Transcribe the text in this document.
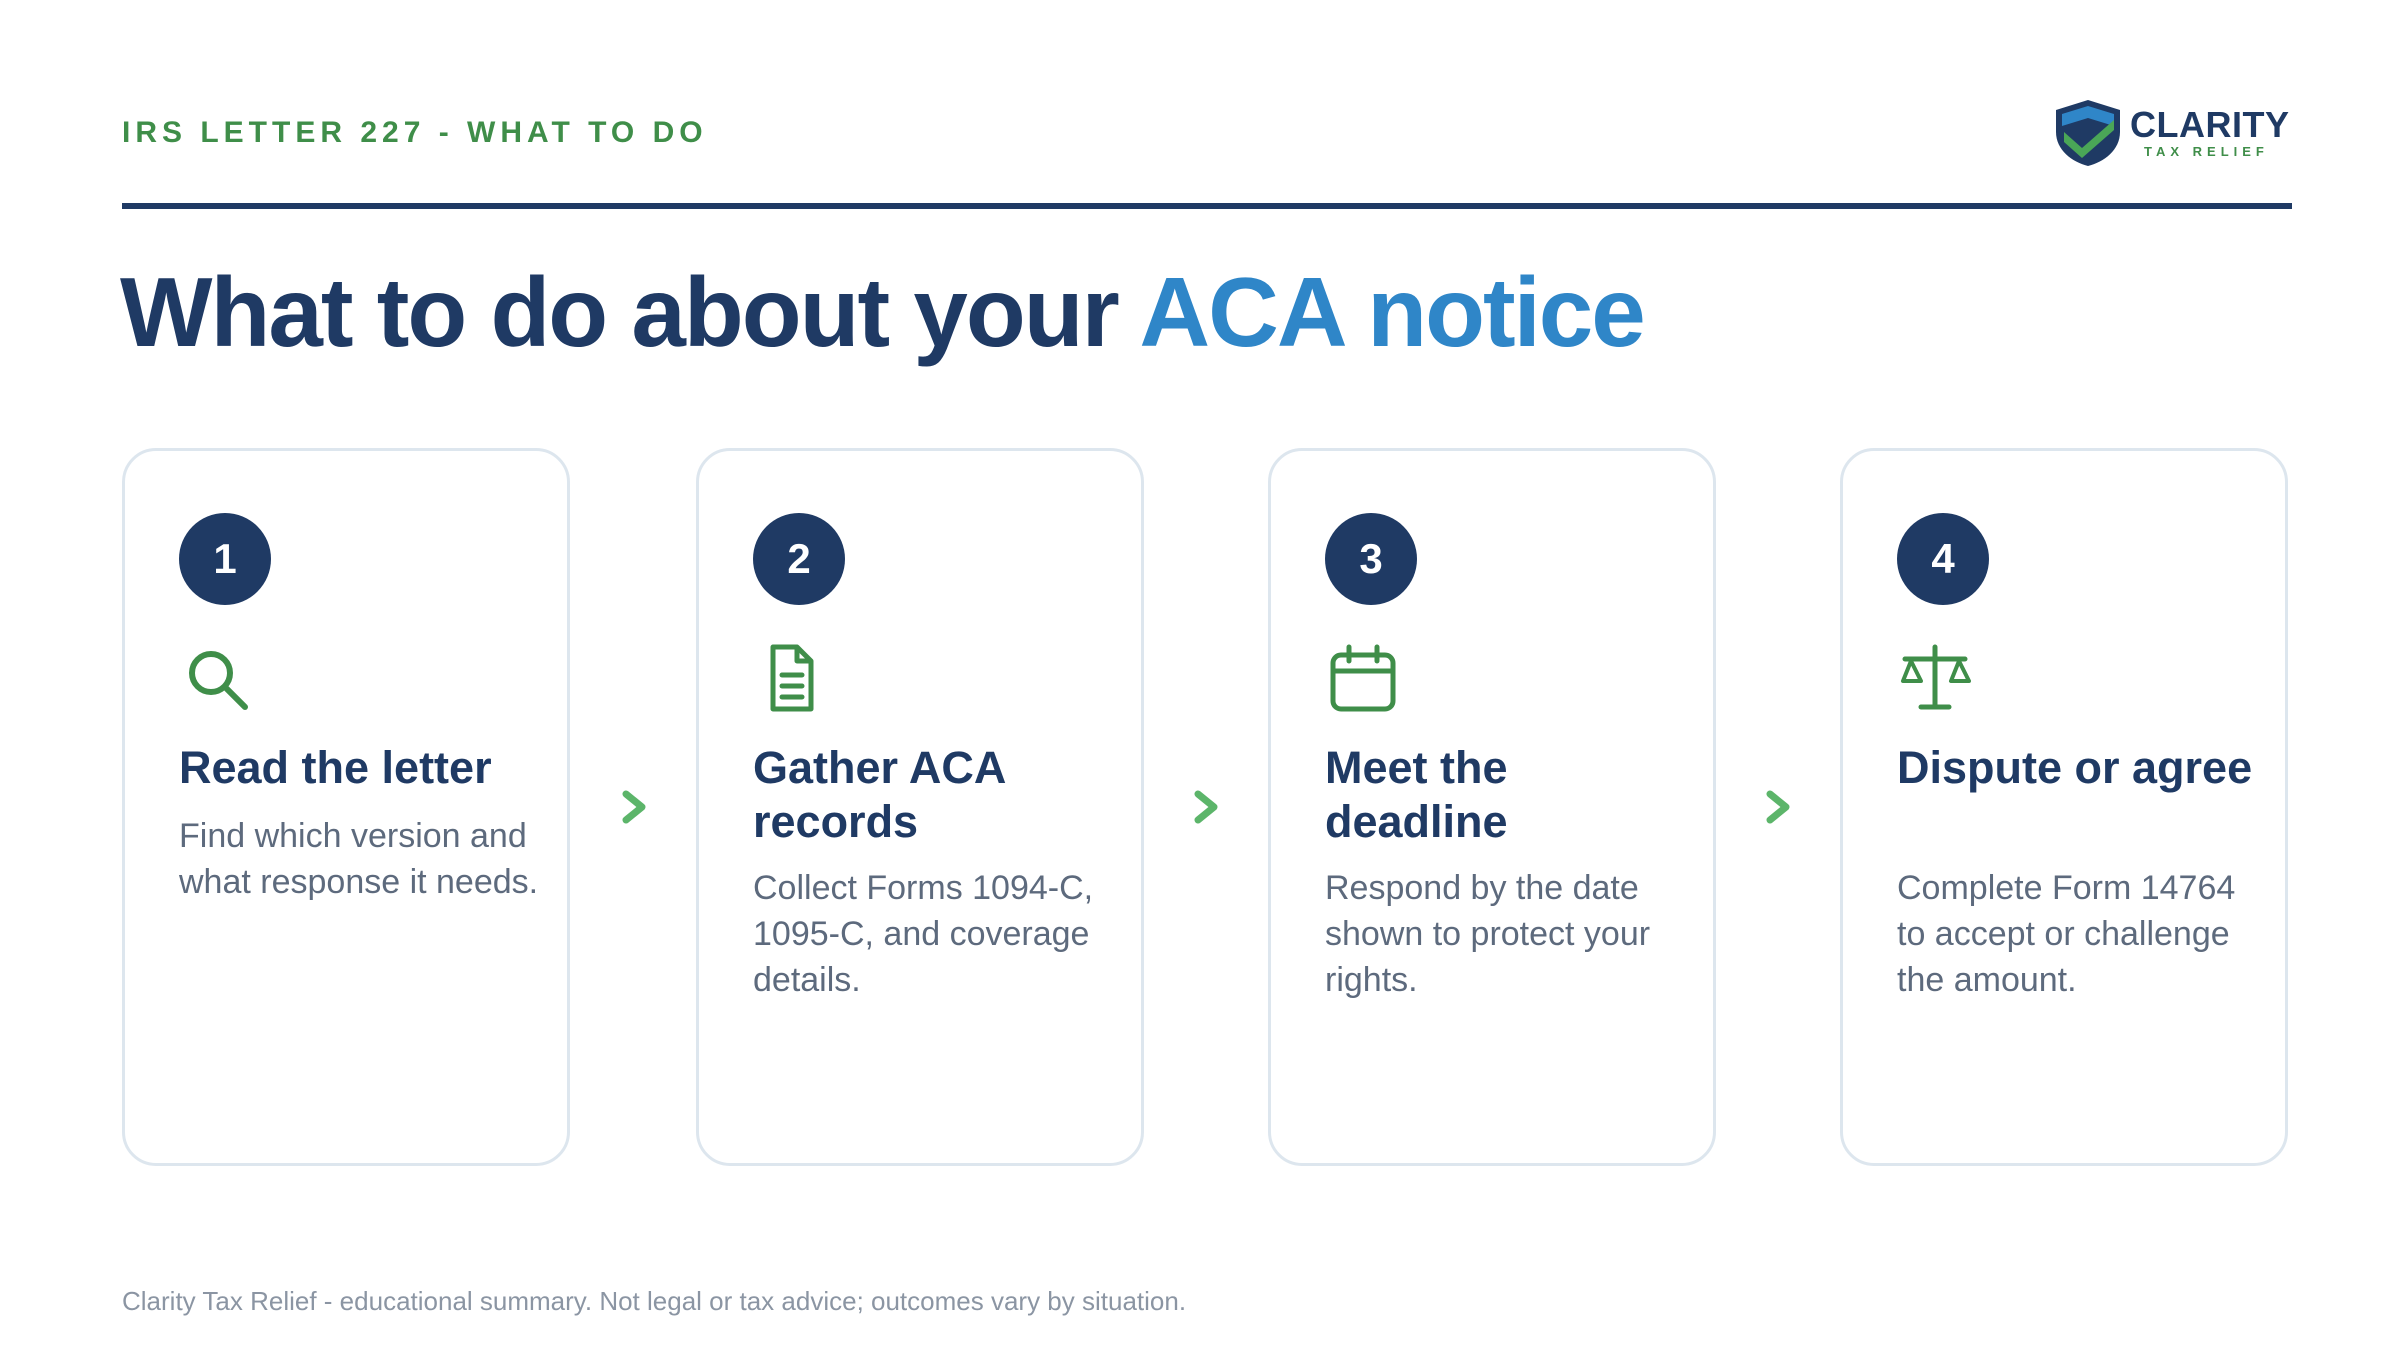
IRS LETTER 227 - WHAT TO DO	CLARITY
TAX RELIEF
What to do about your ACA notice
1
Read the letter
Find which version and what response it needs.
2
Gather ACA records
Collect Forms 1094-C, 1095-C, and coverage details.
3
Meet the deadline
Respond by the date shown to protect your rights.
4
Dispute or agree
Complete Form 14764 to accept or challenge the amount.
Clarity Tax Relief - educational summary. Not legal or tax advice; outcomes vary by situation.
